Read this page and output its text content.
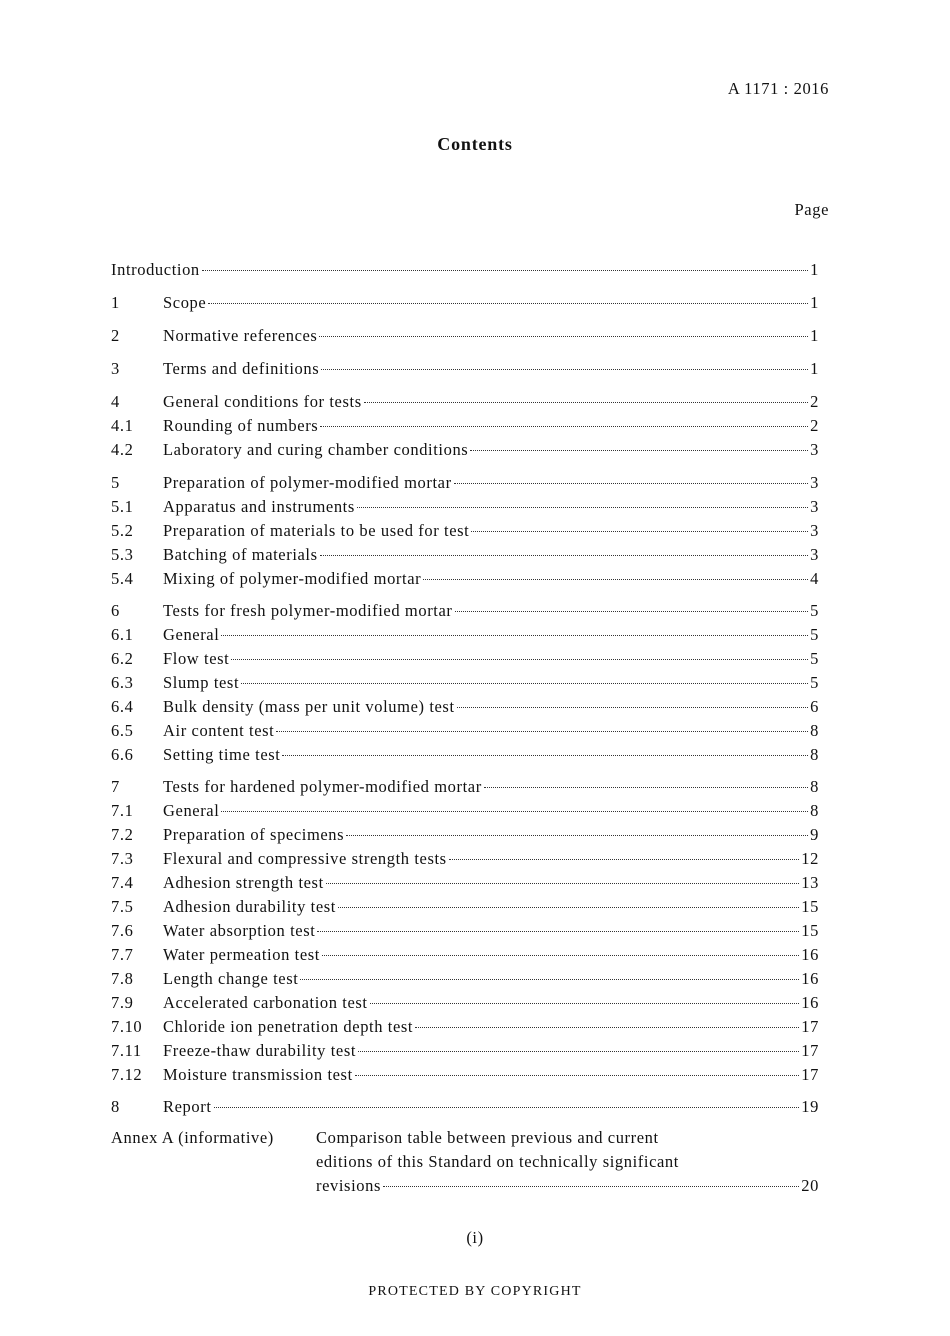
A 1171 : 2016
Contents
Page
Introduction	1
1	Scope	1
2	Normative references	1
3	Terms and definitions	1
4	General conditions for tests	2
4.1	Rounding of numbers	2
4.2	Laboratory and curing chamber conditions	3
5	Preparation of polymer-modified mortar	3
5.1	Apparatus and instruments	3
5.2	Preparation of materials to be used for test	3
5.3	Batching of materials	3
5.4	Mixing of polymer-modified mortar	4
6	Tests for fresh polymer-modified mortar	5
6.1	General	5
6.2	Flow test	5
6.3	Slump test	5
6.4	Bulk density (mass per unit volume) test	6
6.5	Air content test	8
6.6	Setting time test	8
7	Tests for hardened polymer-modified mortar	8
7.1	General	8
7.2	Preparation of specimens	9
7.3	Flexural and compressive strength tests	12
7.4	Adhesion strength test	13
7.5	Adhesion durability test	15
7.6	Water absorption test	15
7.7	Water permeation test	16
7.8	Length change test	16
7.9	Accelerated carbonation test	16
7.10	Chloride ion penetration depth test	17
7.11	Freeze-thaw durability test	17
7.12	Moisture transmission test	17
8	Report	19
Annex A (informative)	Comparison table between previous and current
editions of this Standard on technically significant
revisions	20
(i)
PROTECTED BY COPYRIGHT
